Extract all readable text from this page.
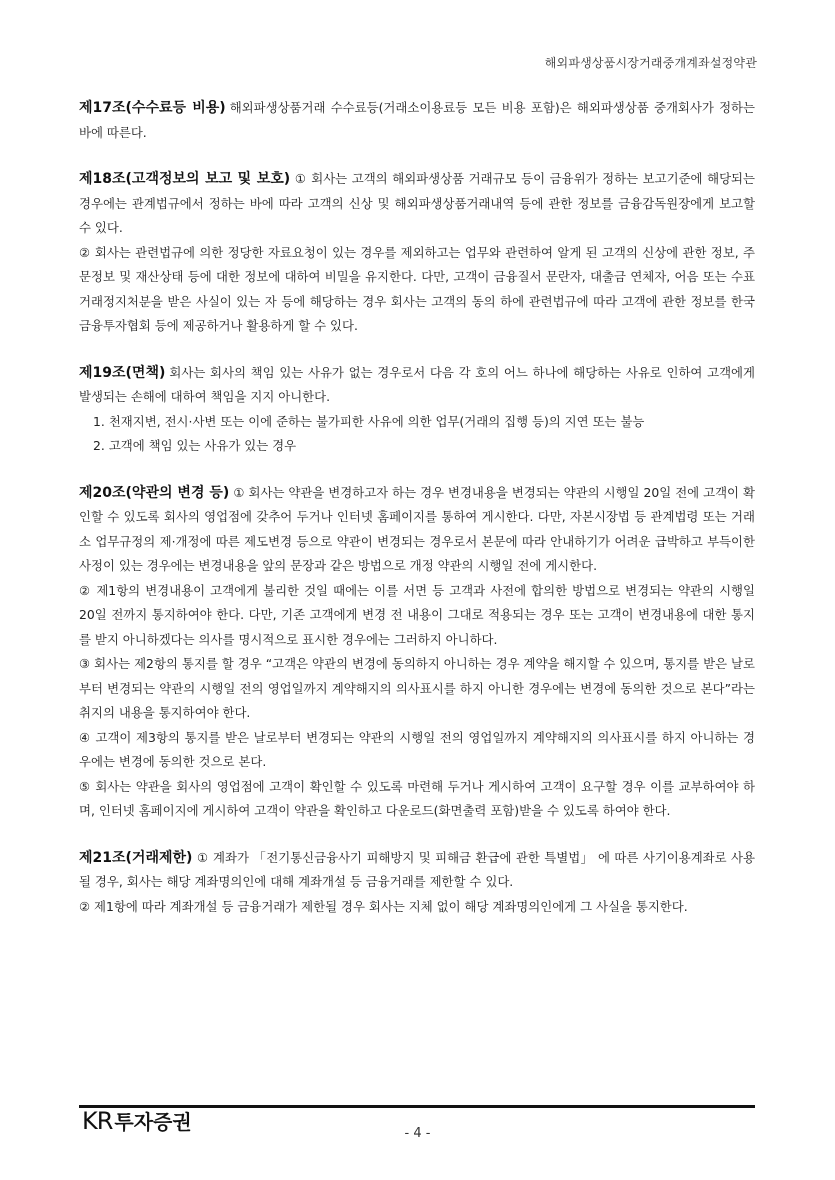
해외파생상품시장거래중개계좌설정약관

제17조(수수료등 비용) 해외파생상품거래 수수료등(거래소이용료등 모든 비용 포함)은 해외파생상품 중개회사가 정하는 바에 따른다.

제18조(고객정보의 보고 및 보호) ① 회사는 고객의 해외파생상품 거래규모 등이 금융위가 정하는 보고기준에 해당되는 경우에는 관계법규에서 정하는 바에 따라 고객의 신상 및 해외파생상품거래내역 등에 관한 정보를 금융감독원장에게 보고할 수 있다.

② 회사는 관련법규에 의한 정당한 자료요청이 있는 경우를 제외하고는 업무와 관련하여 알게 된 고객의 신상에 관한 정보, 주문정보 및 재산상태 등에 대한 정보에 대하여 비밀을 유지한다. 다만, 고객이 금융질서 문란자, 대출금 연체자, 어음 또는 수표 거래정지처분을 받은 사실이 있는 자 등에 해당하는 경우 회사는 고객의 동의 하에 관련법규에 따라 고객에 관한 정보를 한국금융투자협회 등에 제공하거나 활용하게 할 수 있다.

제19조(면책) 회사는 회사의 책임 있는 사유가 없는 경우로서 다음 각 호의 어느 하나에 해당하는 사유로 인하여 고객에게 발생되는 손해에 대하여 책임을 지지 아니한다.

1. 천재지변, 전시·사변 또는 이에 준하는 불가피한 사유에 의한 업무(거래의 집행 등)의 지연 또는 불능
2. 고객에 책임 있는 사유가 있는 경우

제20조(약관의 변경 등) ① 회사는 약관을 변경하고자 하는 경우 변경내용을 변경되는 약관의 시행일 20일 전에 고객이 확인할 수 있도록 회사의 영업점에 갖추어 두거나 인터넷 홈페이지를 통하여 게시한다. 다만, 자본시장법 등 관계법령 또는 거래소 업무규정의 제·개정에 따른 제도변경 등으로 약관이 변경되는 경우로서 본문에 따라 안내하기가 어려운 급박하고 부득이한 사정이 있는 경우에는 변경내용을 앞의 문장과 같은 방법으로 개정 약관의 시행일 전에 게시한다.

② 제1항의 변경내용이 고객에게 불리한 것일 때에는 이를 서면 등 고객과 사전에 합의한 방법으로 변경되는 약관의 시행일 20일 전까지 통지하여야 한다. 다만, 기존 고객에게 변경 전 내용이 그대로 적용되는 경우 또는 고객이 변경내용에 대한 통지를 받지 아니하겠다는 의사를 명시적으로 표시한 경우에는 그러하지 아니하다.

③ 회사는 제2항의 통지를 할 경우 “고객은 약관의 변경에 동의하지 아니하는 경우 계약을 해지할 수 있으며, 통지를 받은 날로부터 변경되는 약관의 시행일 전의 영업일까지 계약해지의 의사표시를 하지 아니한 경우에는 변경에 동의한 것으로 본다”라는 취지의 내용을 통지하여야 한다.

④ 고객이 제3항의 통지를 받은 날로부터 변경되는 약관의 시행일 전의 영업일까지 계약해지의 의사표시를 하지 아니하는 경우에는 변경에 동의한 것으로 본다.

⑤ 회사는 약관을 회사의 영업점에 고객이 확인할 수 있도록 마련해 두거나 게시하여 고객이 요구할 경우 이를 교부하여야 하며, 인터넷 홈페이지에 게시하여 고객이 약관을 확인하고 다운로드(화면출력 포함)받을 수 있도록 하여야 한다.

제21조(거래제한) ① 계좌가 「전기통신금융사기 피해방지 및 피해금 환급에 관한 특별법」 에 따른 사기이용계좌로 사용될 경우, 회사는 해당 계좌명의인에 대해 계좌개설 등 금융거래를 제한할 수 있다.

② 제1항에 따라 계좌개설 등 금융거래가 제한될 경우 회사는 지체 없이 해당 계좌명의인에게 그 사실을 통지한다.

KR 투자증권	- 4 -
